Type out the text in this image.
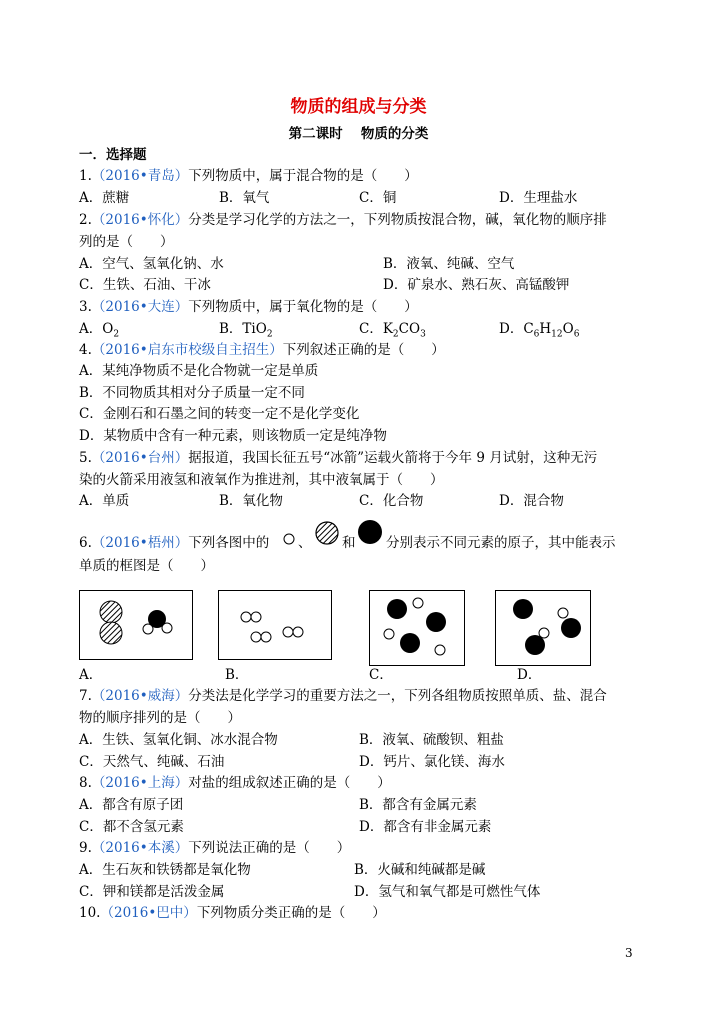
物质的组成与分类
第二课时　 物质的分类
一．选择题
1.（2016•青岛）下列物质中，属于混合物的是（　　）
A．蔗糖	B．氧气	C．铜	D．生理盐水
2.（2016•怀化）分类是学习化学的方法之一，下列物质按混合物，碱，氧化物的顺序排
列的是（　　）
A．空气、氢氧化钠、水	B．液氧、纯碱、空气
C．生铁、石油、干冰	D．矿泉水、熟石灰、高锰酸钾
3.（2016•大连）下列物质中，属于氧化物的是（　　）
A．$O_2$	B．TiO$_2$	C．$K_2CO_3$	D．$C_6H_{12}O_6$
4.（2016•启东市校级自主招生）下列叙述正确的是（　　）
A．某纯净物质不是化合物就一定是单质
B．不同物质其相对分子质量一定不同
C．金刚石和石墨之间的转变一定不是化学变化
D．某物质中含有一种元素，则该物质一定是纯净物
5.（2016•台州）据报道，我国长征五号“冰箭”运载火箭将于今年 9 月试射，这种无污
染的火箭采用液氢和液氧作为推进剂，其中液氧属于（　　）
A．单质	B．氧化物	C．化合物	D．混合物
6.（2016•梧州）下列各图中的 、 和 分别表示不同元素的原子，其中能表示
单质的框图是（　　）
A．	B．	C．	D．
7.（2016•威海）分类法是化学学习的重要方法之一，下列各组物质按照单质、盐、混合
物的顺序排列的是（　　）
A．生铁、氢氧化铜、冰水混合物	B．液氧、硫酸钡、粗盐
C．天然气、纯碱、石油	D．钙片、氯化镁、海水
8.（2016•上海）对盐的组成叙述正确的是（　　）
A．都含有原子团	B．都含有金属元素
C．都不含氢元素	D．都含有非金属元素
9.（2016•本溪）下列说法正确的是（　　）
A．生石灰和铁锈都是氧化物	B．火碱和纯碱都是碱
C．钾和镁都是活泼金属	D．氢气和氧气都是可燃性气体
10.（2016•巴中）下列物质分类正确的是（　　）
3
